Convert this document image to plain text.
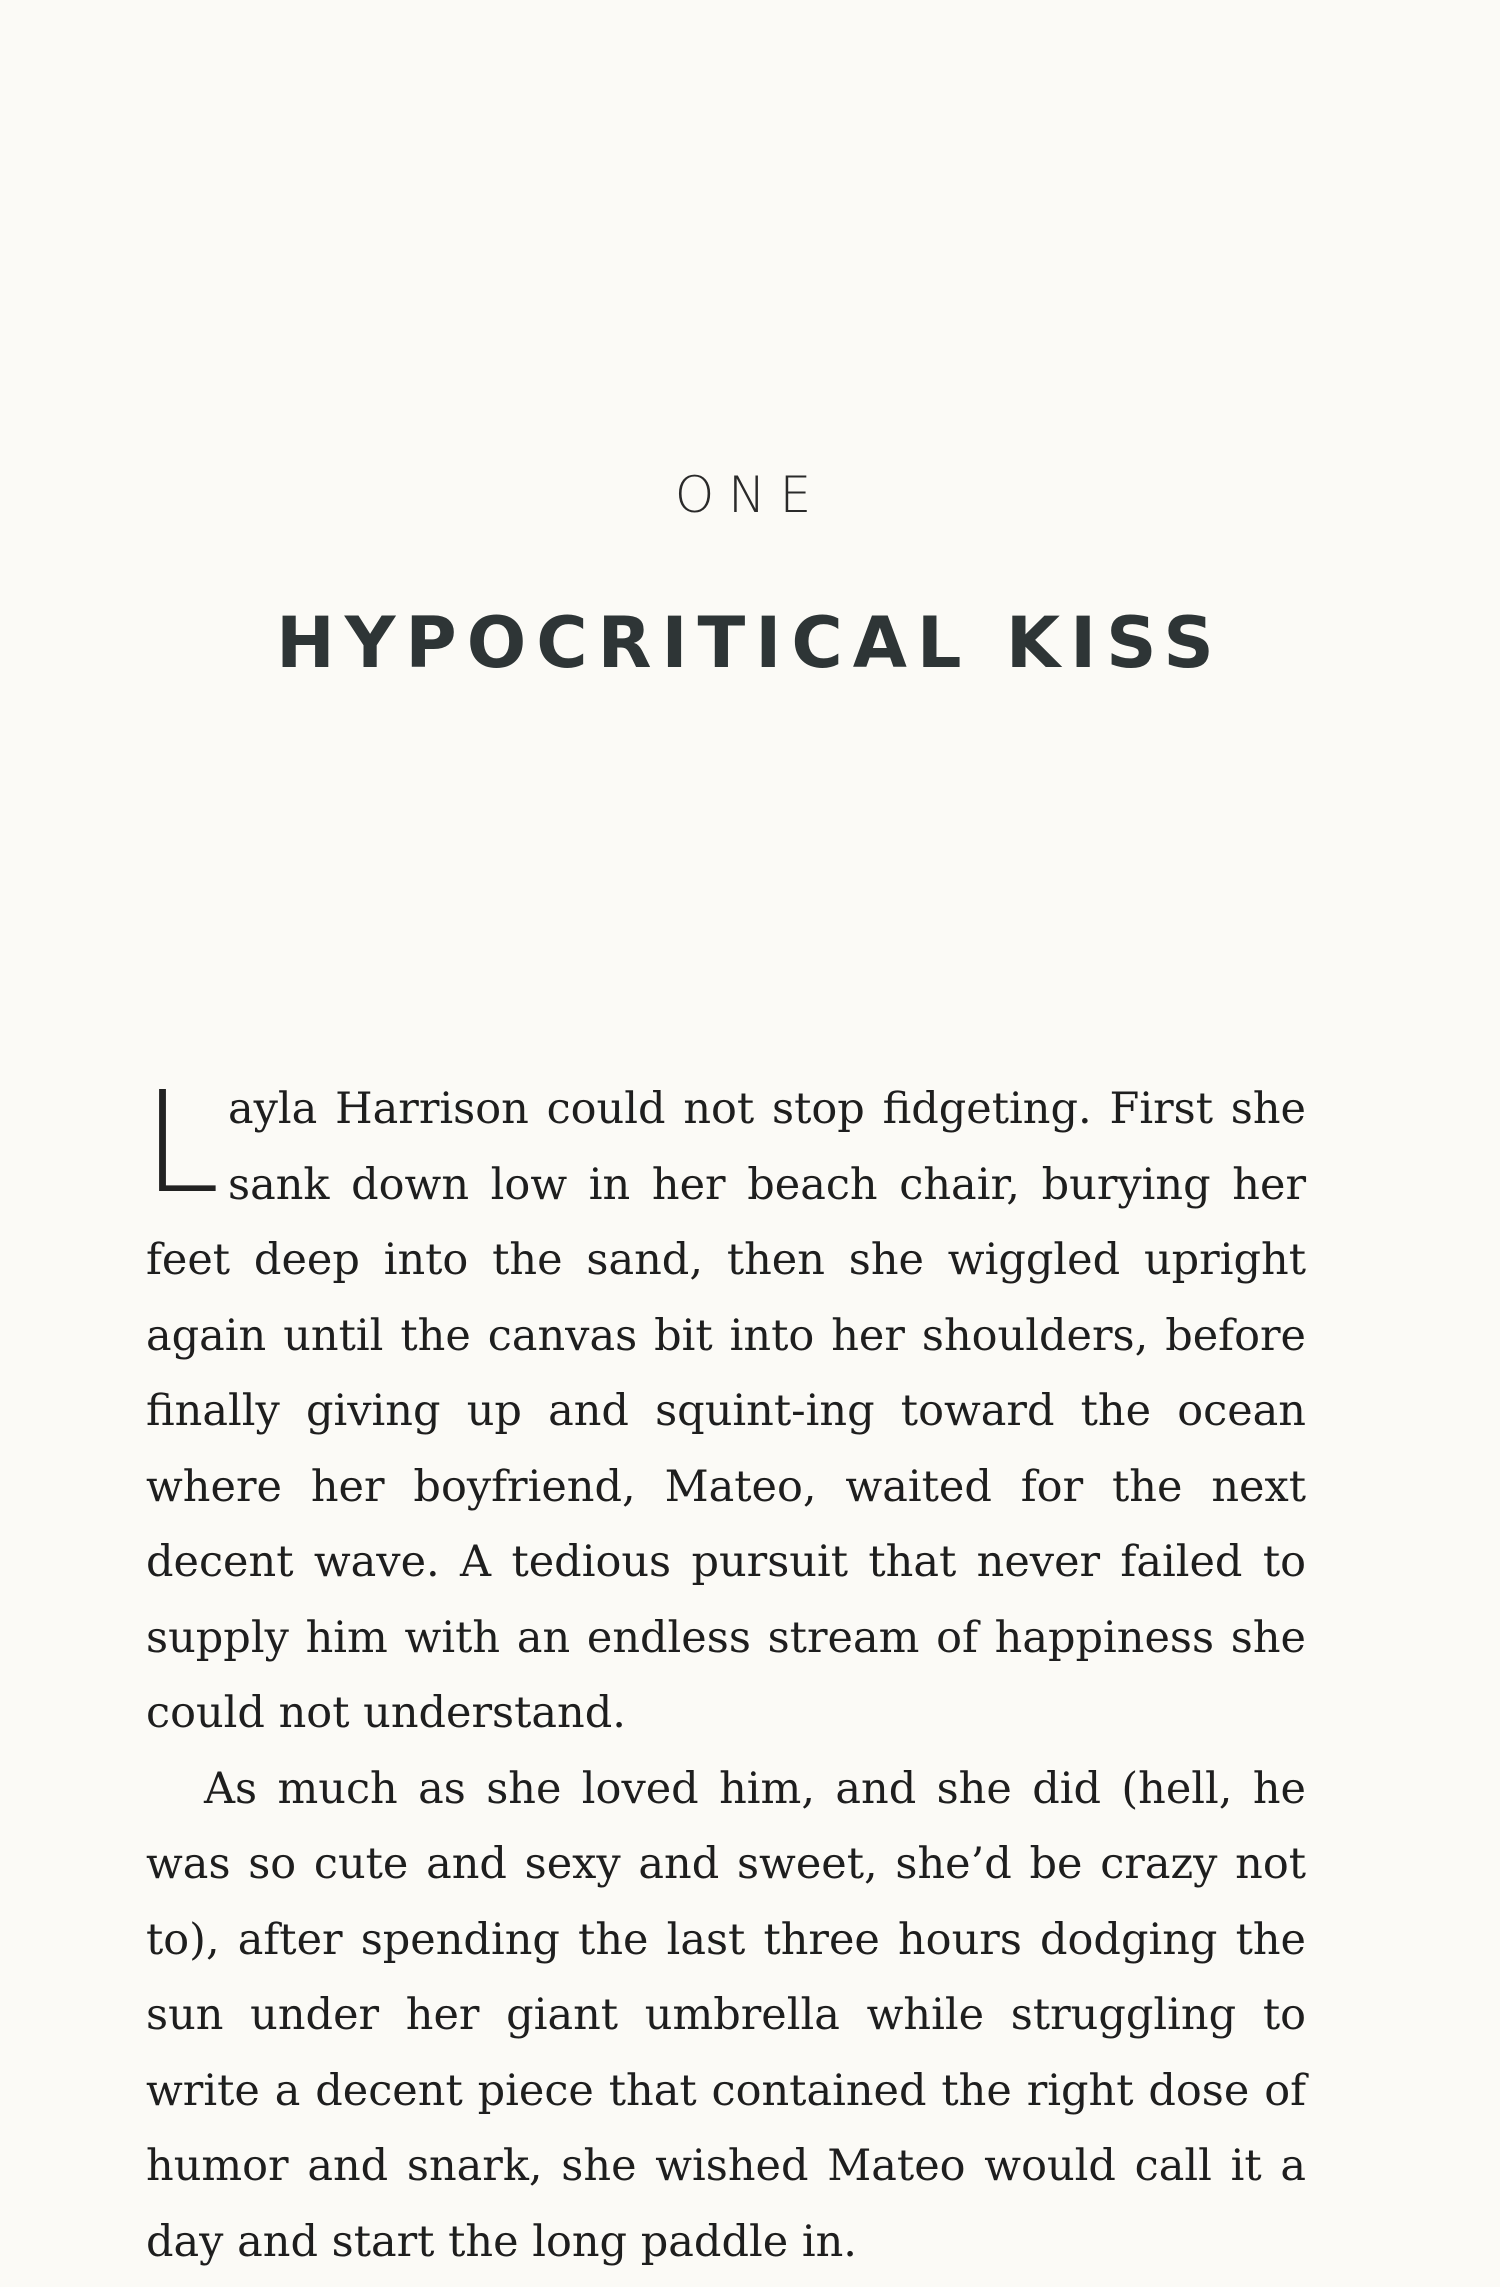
ONE
HYPOCRITICAL KISS

Layla Harrison could not stop fidgeting. First she sank down low in her beach chair, burying her feet deep into the sand, then she wiggled upright again until the canvas bit into her shoulders, before finally giving up and squint-ing toward the ocean where her boyfriend, Mateo, waited for the next decent wave. A tedious pursuit that never failed to supply him with an endless stream of happiness she could not understand.

As much as she loved him, and she did (hell, he was so cute and sexy and sweet, she’d be crazy not to), after spending the last three hours dodging the sun under her giant umbrella while struggling to write a decent piece that contained the right dose of humor and snark, she wished Mateo would call it a day and start the long paddle in.
